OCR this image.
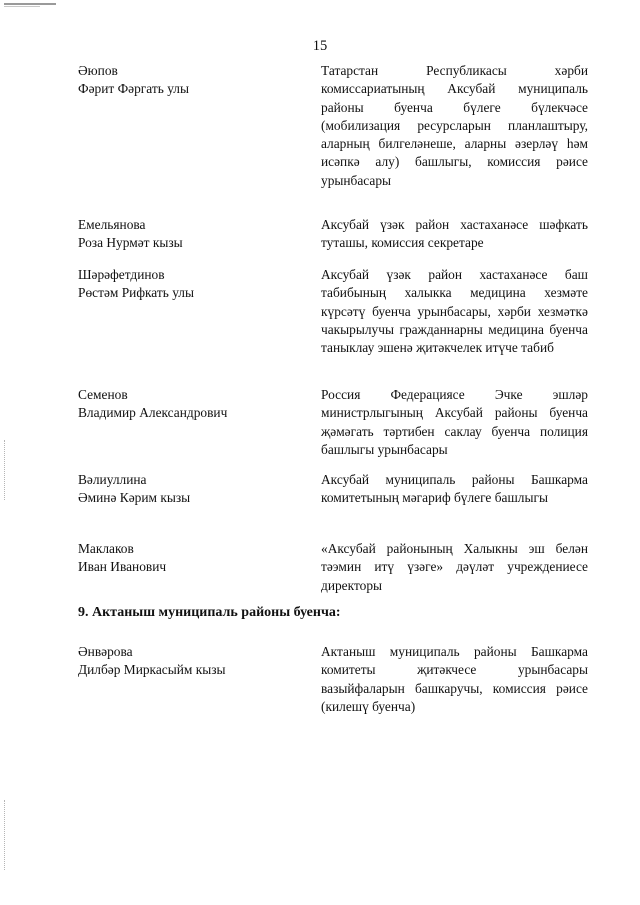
15
Әюпов
Фәрит Фәргать улы
Татарстан Республикасы хәрби комиссариатының Аксубай муниципаль районы буенча бүлеге бүлекчәсе (мобилизация ресурсларын планлаштыру, аларның билгеләнеше, аларны әзерләү һәм исәпкә алу) башлыгы, комиссия рәисе урынбасары
Емельянова
Роза Нурмәт кызы
Аксубай үзәк район хастаханәсе шәфкать туташы, комиссия секретаре
Шәрәфетдинов
Рөстәм Рифкать улы
Аксубай үзәк район хастаханәсе баш табибының халыкка медицина хезмәте күрсәтү буенча урынбасары, хәрби хезмәткә чакырылучы гражданнарны медицина буенча таныклау эшенә җитәкчелек итүче табиб
Семенов
Владимир Александрович
Россия Федерациясе Эчке эшләр министрлыгының Аксубай районы буенча җәмәгать тәртибен саклау буенча полиция башлыгы урынбасары
Вәлиуллина
Әминә Кәрим кызы
Аксубай муниципаль районы Башкарма комитетының мәгариф бүлеге башлыгы
Маклаков
Иван Иванович
«Аксубай районының Халыкны эш белән тәэмин итү үзәге» дәүләт учреждениесе директоры
9. Актаныш муниципаль районы буенча:
Әнвәрова
Дилбәр Миркасыйм кызы
Актаныш муниципаль районы Башкарма комитеты җитәкчесе урынбасары вазыйфаларын башкаручы, комиссия рәисе (килешү буенча)
